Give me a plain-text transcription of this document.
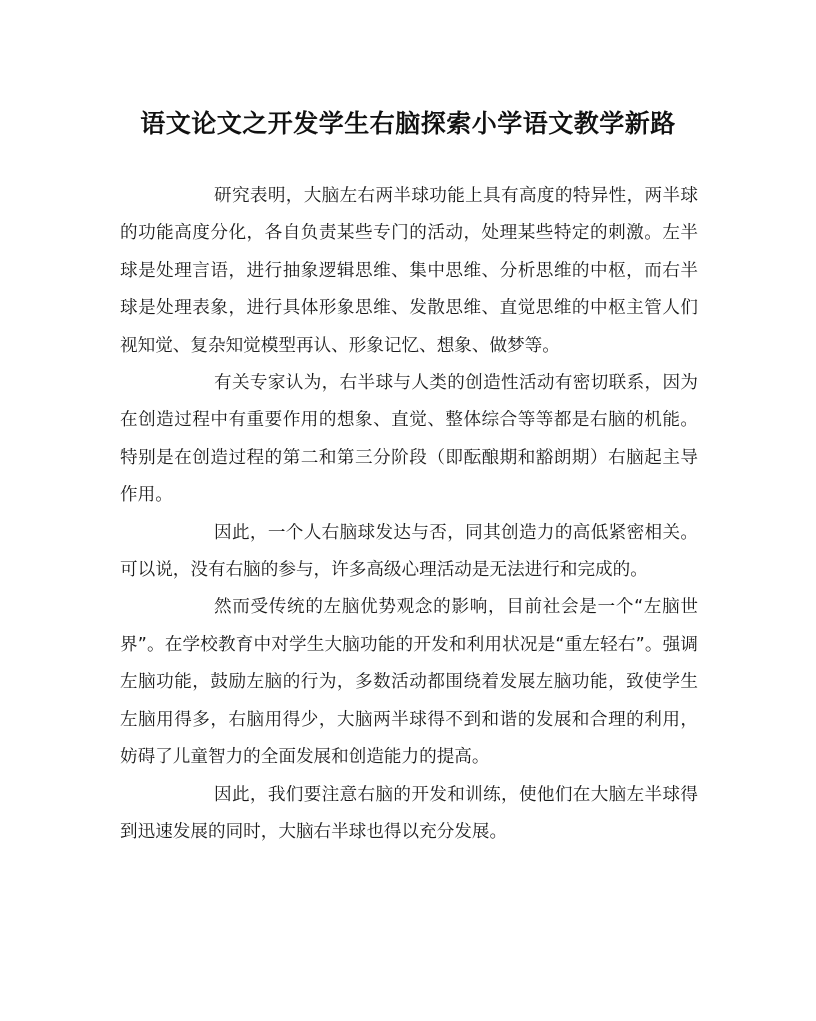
语文论文之开发学生右脑探索小学语文教学新路

研究表明，大脑左右两半球功能上具有高度的特异性，两半球的功能高度分化，各自负责某些专门的活动，处理某些特定的刺激。左半球是处理言语，进行抽象逻辑思维、集中思维、分析思维的中枢，而右半球是处理表象，进行具体形象思维、发散思维、直觉思维的中枢主管人们视知觉、复杂知觉模型再认、形象记忆、想象、做梦等。

有关专家认为，右半球与人类的创造性活动有密切联系，因为在创造过程中有重要作用的想象、直觉、整体综合等等都是右脑的机能。特别是在创造过程的第二和第三分阶段（即酝酿期和豁朗期）右脑起主导作用。

因此，一个人右脑球发达与否，同其创造力的高低紧密相关。可以说，没有右脑的参与，许多高级心理活动是无法进行和完成的。

然而受传统的左脑优势观念的影响，目前社会是一个“左脑世界”。在学校教育中对学生大脑功能的开发和利用状况是“重左轻右”。强调左脑功能，鼓励左脑的行为，多数活动都围绕着发展左脑功能，致使学生左脑用得多，右脑用得少，大脑两半球得不到和谐的发展和合理的利用，妨碍了儿童智力的全面发展和创造能力的提高。

因此，我们要注意右脑的开发和训练，使他们在大脑左半球得到迅速发展的同时，大脑右半球也得以充分发展。
